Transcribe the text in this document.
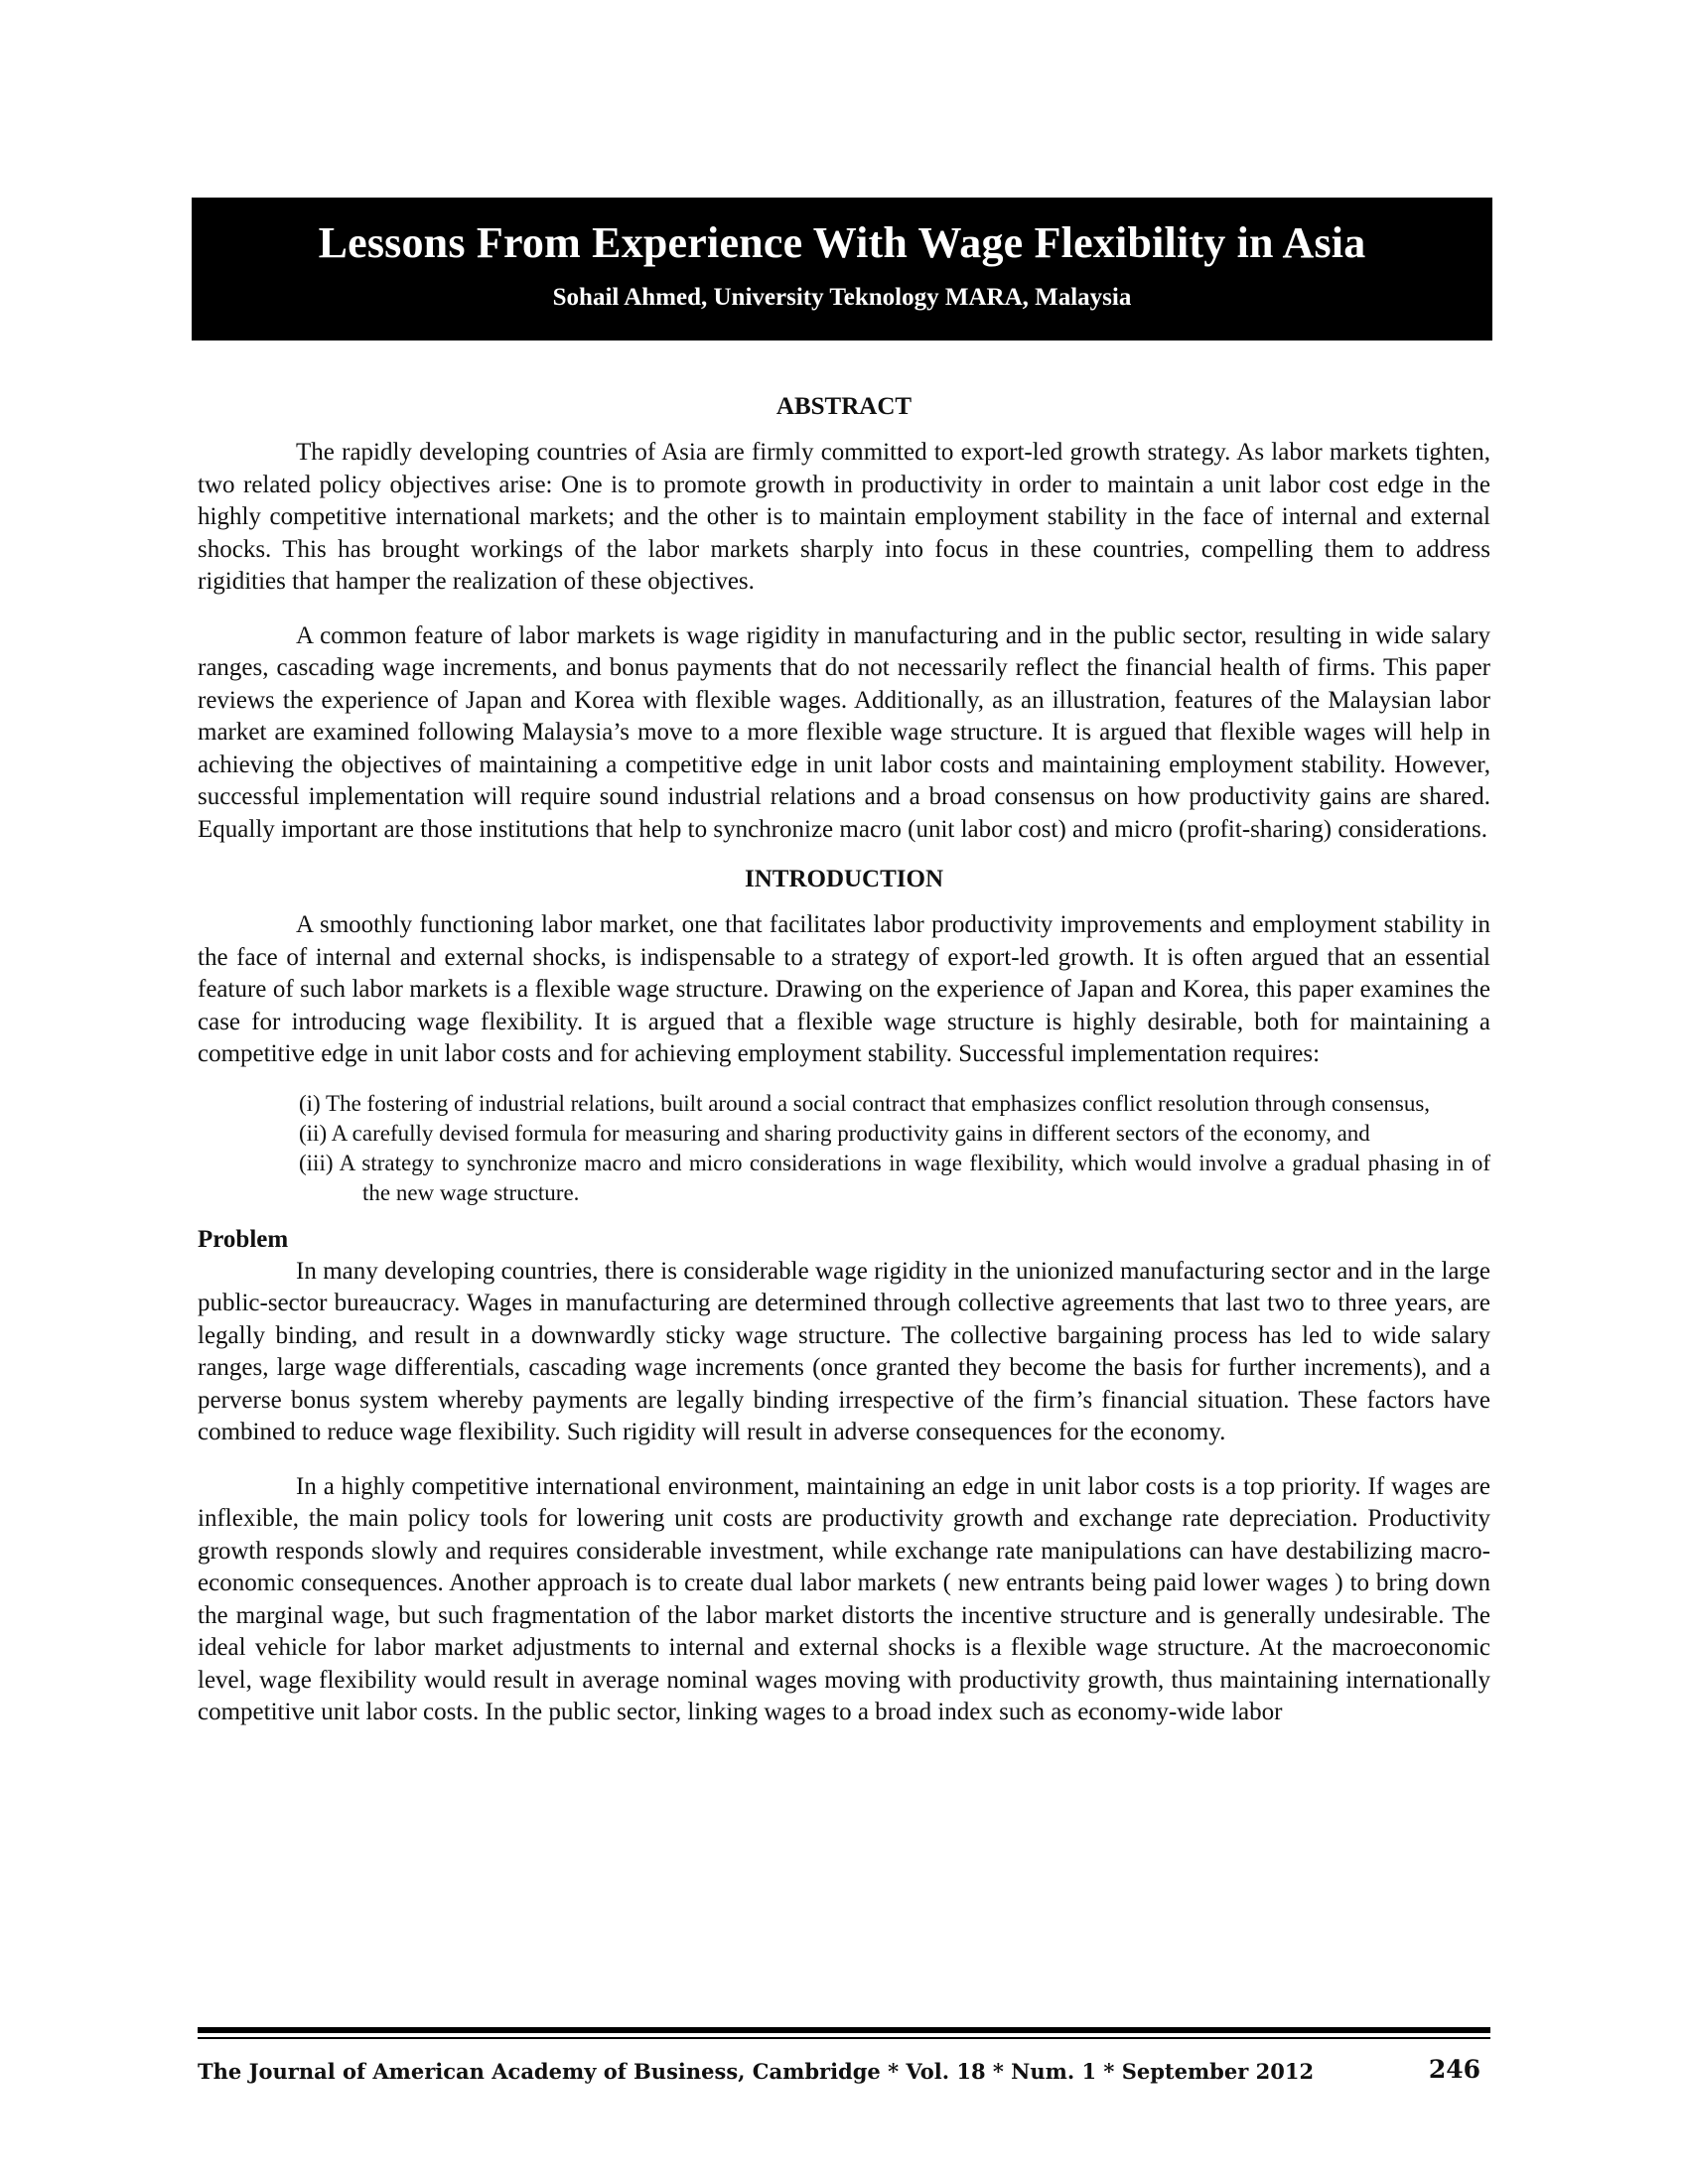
Lessons From Experience With Wage Flexibility in Asia
Sohail Ahmed, University Teknology MARA, Malaysia
ABSTRACT

The rapidly developing countries of Asia are firmly committed to export-led growth strategy. As labor markets tighten, two related policy objectives arise: One is to promote growth in productivity in order to maintain a unit labor cost edge in the highly competitive international markets; and the other is to maintain employment stability in the face of internal and external shocks. This has brought workings of the labor markets sharply into focus in these countries, compelling them to address rigidities that hamper the realization of these objectives.

A common feature of labor markets is wage rigidity in manufacturing and in the public sector, resulting in wide salary ranges, cascading wage increments, and bonus payments that do not necessarily reflect the financial health of firms. This paper reviews the experience of Japan and Korea with flexible wages. Additionally, as an illustration, features of the Malaysian labor market are examined following Malaysia’s move to a more flexible wage structure. It is argued that flexible wages will help in achieving the objectives of maintaining a competitive edge in unit labor costs and maintaining employment stability. However, successful implementation will require sound industrial relations and a broad consensus on how productivity gains are shared. Equally important are those institutions that help to synchronize macro (unit labor cost) and micro (profit-sharing) considerations.

INTRODUCTION

A smoothly functioning labor market, one that facilitates labor productivity improvements and employment stability in the face of internal and external shocks, is indispensable to a strategy of export-led growth. It is often argued that an essential feature of such labor markets is a flexible wage structure. Drawing on the experience of Japan and Korea, this paper examines the case for introducing wage flexibility. It is argued that a flexible wage structure is highly desirable, both for maintaining a competitive edge in unit labor costs and for achieving employment stability. Successful implementation requires:

(i) The fostering of industrial relations, built around a social contract that emphasizes conflict resolution through consensus,
(ii) A carefully devised formula for measuring and sharing productivity gains in different sectors of the economy, and
(iii) A strategy to synchronize macro and micro considerations in wage flexibility, which would involve a gradual phasing in of the new wage structure.
Problem

In many developing countries, there is considerable wage rigidity in the unionized manufacturing sector and in the large public-sector bureaucracy. Wages in manufacturing are determined through collective agreements that last two to three years, are legally binding, and result in a downwardly sticky wage structure. The collective bargaining process has led to wide salary ranges, large wage differentials, cascading wage increments (once granted they become the basis for further increments), and a perverse bonus system whereby payments are legally binding irrespective of the firm’s financial situation. These factors have combined to reduce wage flexibility. Such rigidity will result in adverse consequences for the economy.

In a highly competitive international environment, maintaining an edge in unit labor costs is a top priority. If wages are inflexible, the main policy tools for lowering unit costs are productivity growth and exchange rate depreciation. Productivity growth responds slowly and requires considerable investment, while exchange rate manipulations can have destabilizing macro-economic consequences. Another approach is to create dual labor markets ( new entrants being paid lower wages ) to bring down the marginal wage, but such fragmentation of the labor market distorts the incentive structure and is generally undesirable. The ideal vehicle for labor market adjustments to internal and external shocks is a flexible wage structure. At the macroeconomic level, wage flexibility would result in average nominal wages moving with productivity growth, thus maintaining internationally competitive unit labor costs. In the public sector, linking wages to a broad index such as economy-wide labor

The Journal of American Academy of Business, Cambridge * Vol. 18 * Num. 1 * September 2012	246
